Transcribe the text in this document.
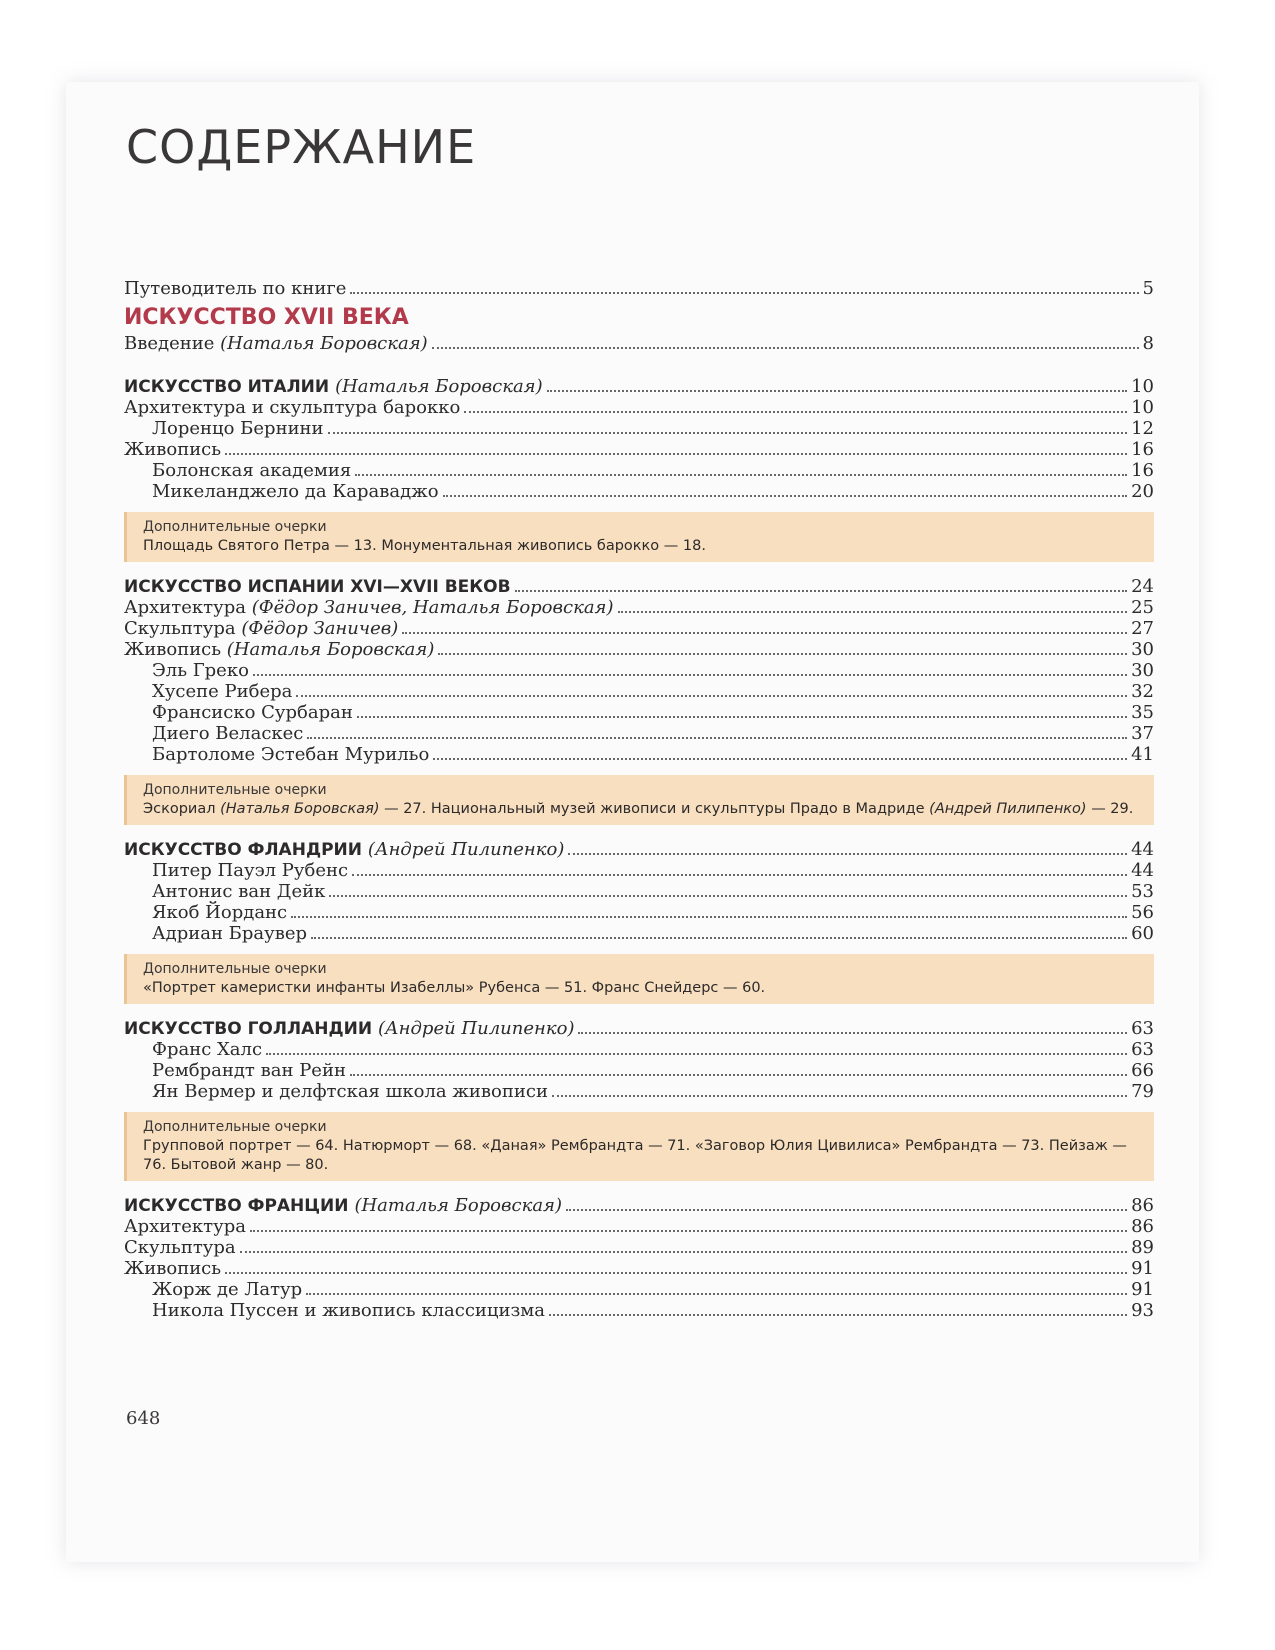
СОДЕРЖАНИЕ
Путеводитель по книге	5
ИСКУССТВО XVII ВЕКА
Введение (Наталья Боровская)	8
ИСКУССТВО ИТАЛИИ (Наталья Боровская)	10
Архитектура и скульптура барокко	10
Лоренцо Бернини	12
Живопись	16
Болонская академия	16
Микеланджело да Караваджо	20
Дополнительные очерки
Площадь Святого Петра — 13. Монументальная живопись барокко — 18.
ИСКУССТВО ИСПАНИИ XVI—XVII ВЕКОВ	24
Архитектура (Фёдор Заничев, Наталья Боровская)	25
Скульптура (Фёдор Заничев)	27
Живопись (Наталья Боровская)	30
Эль Греко	30
Хусепе Рибера	32
Франсиско Сурбаран	35
Диего Веласкес	37
Бартоломе Эстебан Мурильо	41
Дополнительные очерки
Эскориал (Наталья Боровская) — 27. Национальный музей живописи и скульптуры Прадо в Мадриде (Андрей Пилипенко) — 29.
ИСКУССТВО ФЛАНДРИИ (Андрей Пилипенко)	44
Питер Пауэл Рубенс	44
Антонис ван Дейк	53
Якоб Йорданс	56
Адриан Браувер	60
Дополнительные очерки
«Портрет камеристки инфанты Изабеллы» Рубенса — 51. Франс Снейдерс — 60.
ИСКУССТВО ГОЛЛАНДИИ (Андрей Пилипенко)	63
Франс Халс	63
Рембрандт ван Рейн	66
Ян Вермер и делфтская школа живописи	79
Дополнительные очерки
Групповой портрет — 64. Натюрморт — 68. «Даная» Рембрандта — 71. «Заговор Юлия Цивилиса» Рембрандта — 73. Пейзаж — 76. Бытовой жанр — 80.
ИСКУССТВО ФРАНЦИИ (Наталья Боровская)	86
Архитектура	86
Скульптура	89
Живопись	91
Жорж де Латур	91
Никола Пуссен и живопись классицизма	93
648
